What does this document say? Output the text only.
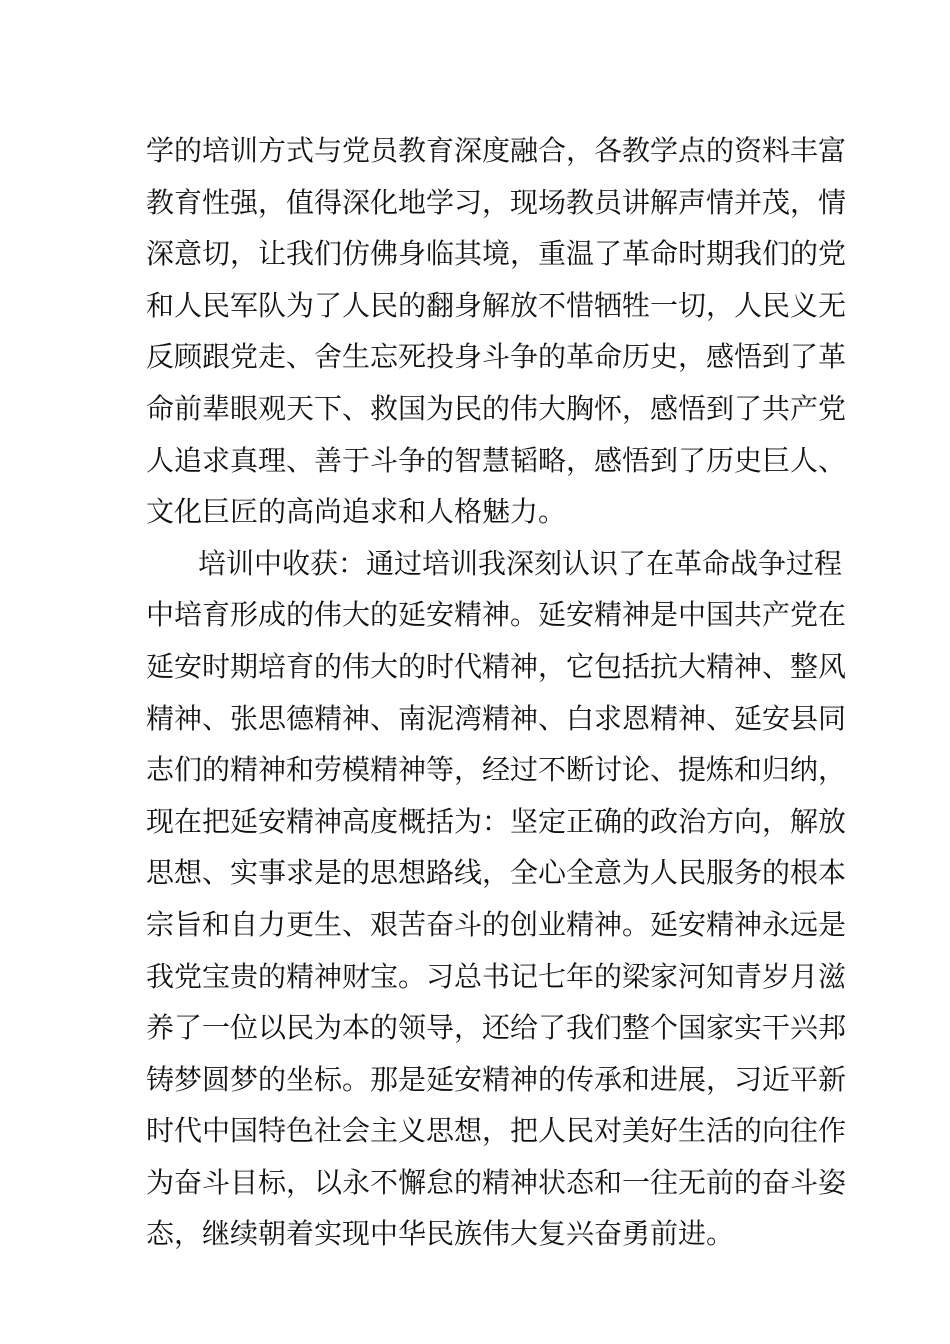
学的培训方式与党员教育深度融合，各教学点的资料丰富
教育性强，值得深化地学习，现场教员讲解声情并茂，情
深意切，让我们仿佛身临其境，重温了革命时期我们的党
和人民军队为了人民的翻身解放不惜牺牲一切，人民义无
反顾跟党走、舍生忘死投身斗争的革命历史，感悟到了革
命前辈眼观天下、救国为民的伟大胸怀，感悟到了共产党
人追求真理、善于斗争的智慧韬略，感悟到了历史巨人、
文化巨匠的高尚追求和人格魅力。
培训中收获：通过培训我深刻认识了在革命战争过程
中培育形成的伟大的延安精神。延安精神是中国共产党在
延安时期培育的伟大的时代精神，它包括抗大精神、整风
精神、张思德精神、南泥湾精神、白求恩精神、延安县同
志们的精神和劳模精神等，经过不断讨论、提炼和归纳，
现在把延安精神高度概括为：坚定正确的政治方向，解放
思想、实事求是的思想路线，全心全意为人民服务的根本
宗旨和自力更生、艰苦奋斗的创业精神。延安精神永远是
我党宝贵的精神财宝。习总书记七年的梁家河知青岁月滋
养了一位以民为本的领导，还给了我们整个国家实干兴邦
铸梦圆梦的坐标。那是延安精神的传承和进展，习近平新
时代中国特色社会主义思想，把人民对美好生活的向往作
为奋斗目标，以永不懈怠的精神状态和一往无前的奋斗姿
态，继续朝着实现中华民族伟大复兴奋勇前进。
